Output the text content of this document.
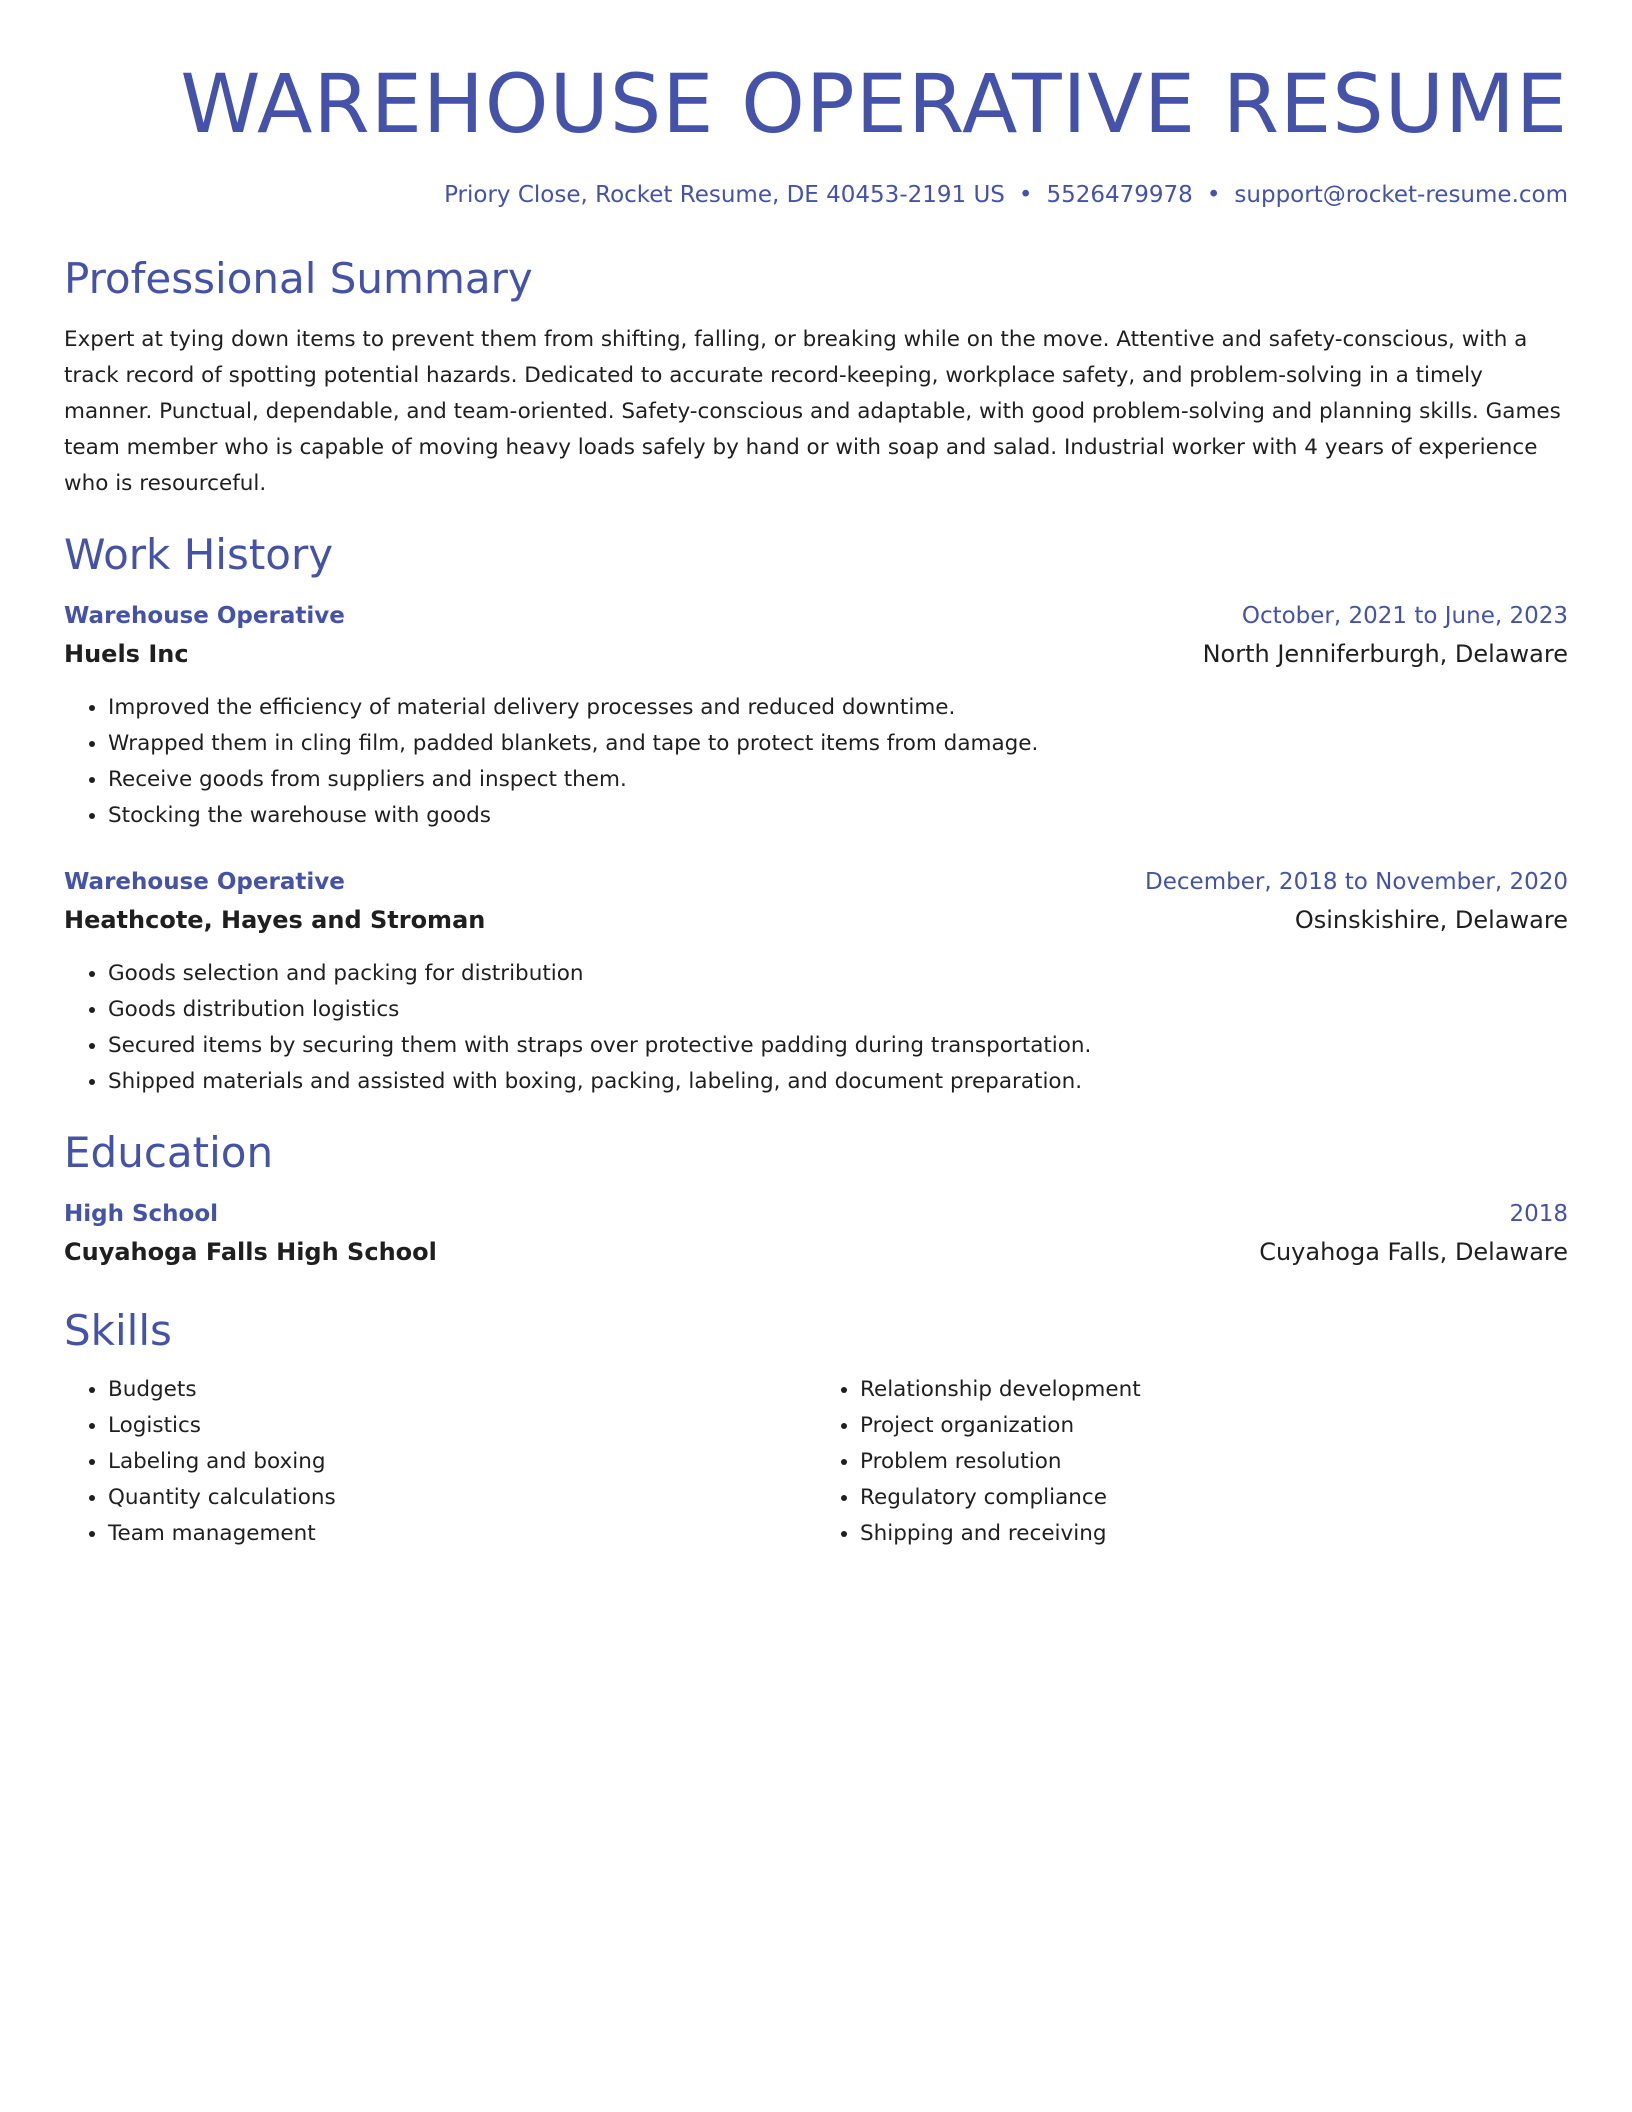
WAREHOUSE OPERATIVE RESUME
Priory Close, Rocket Resume, DE 40453-2191 US • 5526479978 • support@rocket-resume.com
Professional Summary

Expert at tying down items to prevent them from shifting, falling, or breaking while on the move. Attentive and safety-conscious, with a track record of spotting potential hazards. Dedicated to accurate record-keeping, workplace safety, and problem-solving in a timely manner. Punctual, dependable, and team-oriented. Safety-conscious and adaptable, with good problem-solving and planning skills. Games team member who is capable of moving heavy loads safely by hand or with soap and salad. Industrial worker with 4 years of experience who is resourceful.

Work History
Warehouse Operative	October, 2021 to June, 2023
Huels Inc	North Jenniferburgh, Delaware
• Improved the efficiency of material delivery processes and reduced downtime.
• Wrapped them in cling film, padded blankets, and tape to protect items from damage.
• Receive goods from suppliers and inspect them.
• Stocking the warehouse with goods
Warehouse Operative	December, 2018 to November, 2020
Heathcote, Hayes and Stroman	Osinskishire, Delaware
• Goods selection and packing for distribution
• Goods distribution logistics
• Secured items by securing them with straps over protective padding during transportation.
• Shipped materials and assisted with boxing, packing, labeling, and document preparation.
Education
High School	2018
Cuyahoga Falls High School	Cuyahoga Falls, Delaware
Skills
• Budgets
• Logistics
• Labeling and boxing
• Quantity calculations
• Team management
• Relationship development
• Project organization
• Problem resolution
• Regulatory compliance
• Shipping and receiving
